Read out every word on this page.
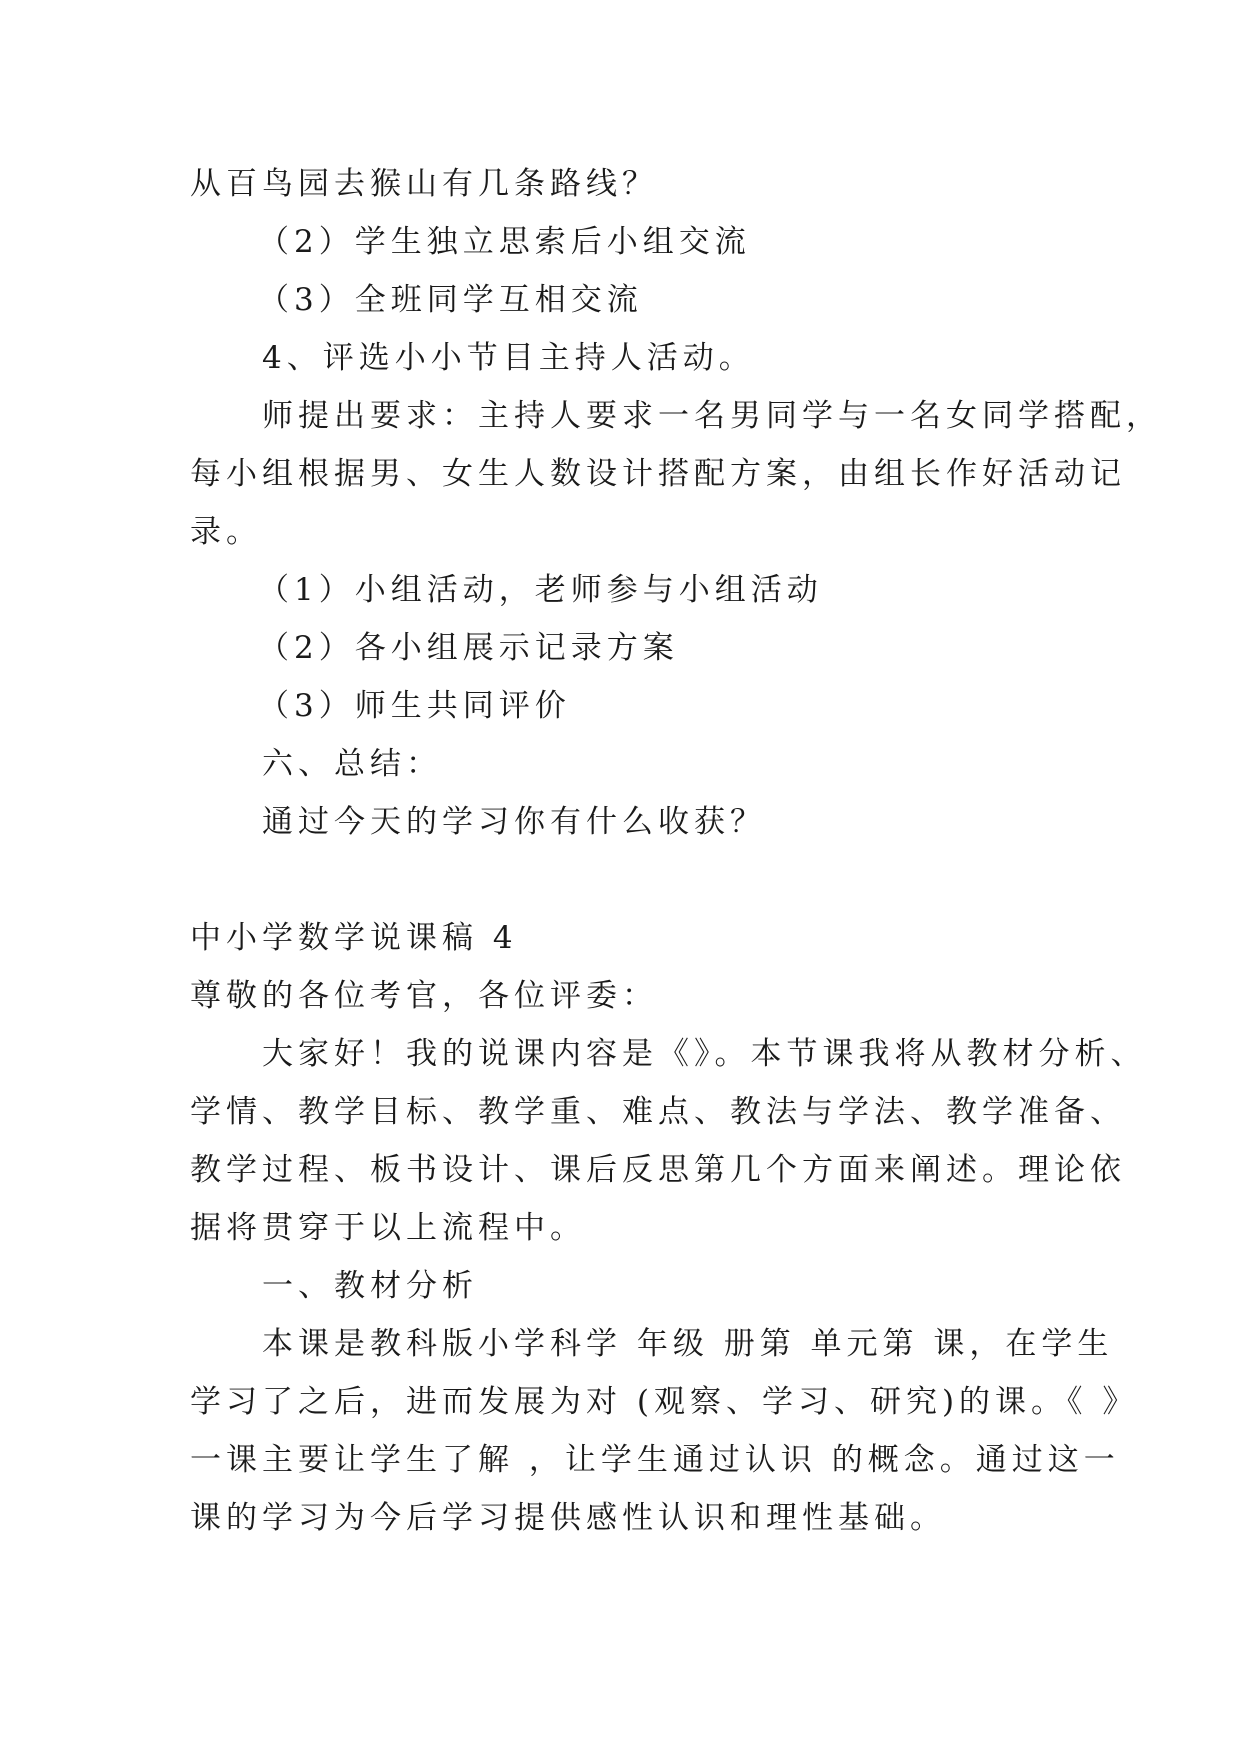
从百鸟园去猴山有几条路线？
（2）学生独立思索后小组交流
（3）全班同学互相交流
4、评选小小节目主持人活动。
师提出要求：主持人要求一名男同学与一名女同学搭配，
每小组根据男、女生人数设计搭配方案，由组长作好活动记
录。
（1）小组活动，老师参与小组活动
（2）各小组展示记录方案
（3）师生共同评价
六、总结：
通过今天的学习你有什么收获？
中小学数学说课稿 4
尊敬的各位考官，各位评委：
大家好！我的说课内容是《》。本节课我将从教材分析、
学情、教学目标、教学重、难点、教法与学法、教学准备、
教学过程、板书设计、课后反思第几个方面来阐述。理论依
据将贯穿于以上流程中。
一、教材分析
本课是教科版小学科学 年级 册第 单元第 课，在学生
学习了之后，进而发展为对 (观察、学习、研究)的课。《 》
一课主要让学生了解 ，让学生通过认识 的概念。通过这一
课的学习为今后学习提供感性认识和理性基础。
